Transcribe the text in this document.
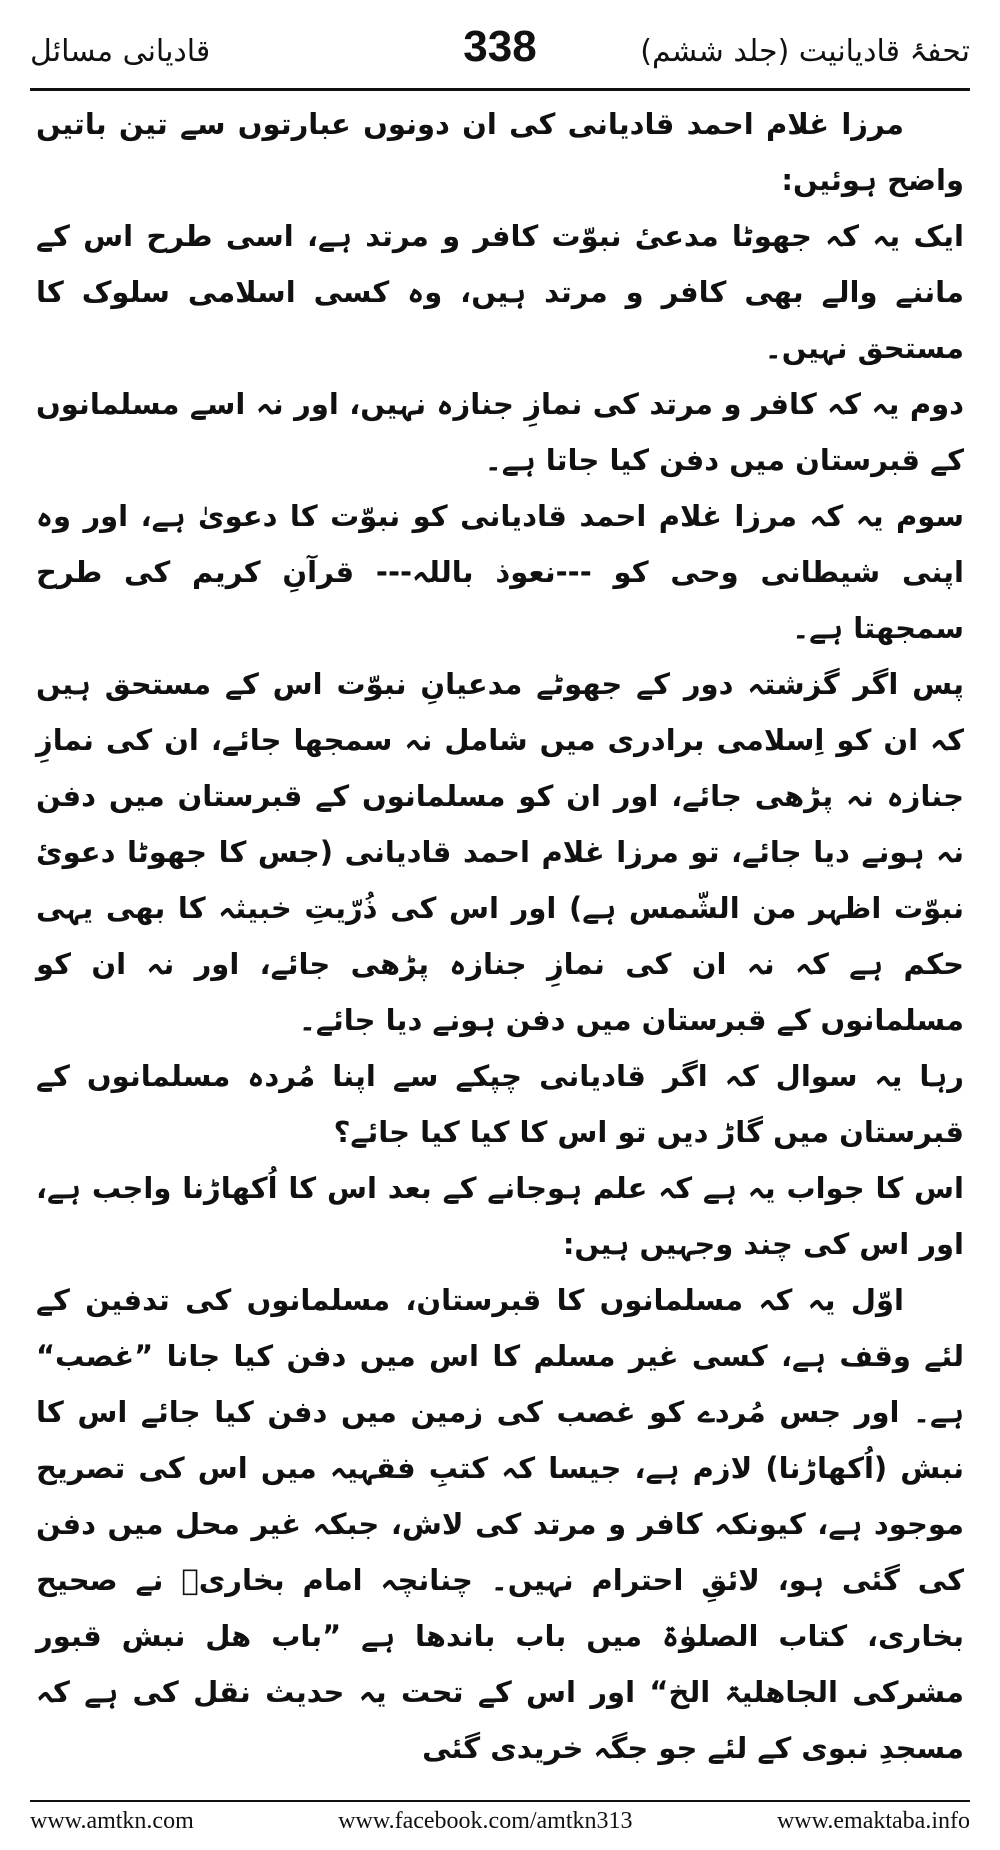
قادیانی مسائل	338	تحفۂ قادیانیت (جلد ششم)

مرزا غلام احمد قادیانی کی ان دونوں عبارتوں سے تین باتیں واضح ہوئیں:

ایک یہ کہ جھوٹا مدعیٔ نبوّت کافر و مرتد ہے، اسی طرح اس کے ماننے والے بھی کافر و مرتد ہیں، وہ کسی اسلامی سلوک کا مستحق نہیں۔

دوم یہ کہ کافر و مرتد کی نمازِ جنازہ نہیں، اور نہ اسے مسلمانوں کے قبرستان میں دفن کیا جاتا ہے۔

سوم یہ کہ مرزا غلام احمد قادیانی کو نبوّت کا دعویٰ ہے، اور وہ اپنی شیطانی وحی کو ---نعوذ باللہ--- قرآنِ کریم کی طرح سمجھتا ہے۔

پس اگر گزشتہ دور کے جھوٹے مدعیانِ نبوّت اس کے مستحق ہیں کہ ان کو اِسلامی برادری میں شامل نہ سمجھا جائے، ان کی نمازِ جنازہ نہ پڑھی جائے، اور ان کو مسلمانوں کے قبرستان میں دفن نہ ہونے دیا جائے، تو مرزا غلام احمد قادیانی (جس کا جھوٹا دعویٔ نبوّت اظہر من الشّمس ہے) اور اس کی ذُرّیتِ خبیثہ کا بھی یہی حکم ہے کہ نہ ان کی نمازِ جنازہ پڑھی جائے، اور نہ ان کو مسلمانوں کے قبرستان میں دفن ہونے دیا جائے۔

رہا یہ سوال کہ اگر قادیانی چپکے سے اپنا مُردہ مسلمانوں کے قبرستان میں گاڑ دیں تو اس کا کیا کیا جائے؟

اس کا جواب یہ ہے کہ علم ہوجانے کے بعد اس کا اُکھاڑنا واجب ہے، اور اس کی چند وجہیں ہیں:

اوّل یہ کہ مسلمانوں کا قبرستان، مسلمانوں کی تدفین کے لئے وقف ہے، کسی غیر مسلم کا اس میں دفن کیا جانا ”غصب“ ہے۔ اور جس مُردے کو غصب کی زمین میں دفن کیا جائے اس کا نبش (اُکھاڑنا) لازم ہے، جیسا کہ کتبِ فقہیہ میں اس کی تصریح موجود ہے، کیونکہ کافر و مرتد کی لاش، جبکہ غیر محل میں دفن کی گئی ہو، لائقِ احترام نہیں۔ چنانچہ امام بخاریؒ نے صحیح بخاری، کتاب الصلوٰۃ میں باب باندھا ہے ”باب ھل نبش قبور مشرکی الجاھلیۃ الخ“ اور اس کے تحت یہ حدیث نقل کی ہے کہ مسجدِ نبوی کے لئے جو جگہ خریدی گئی

www.amtkn.com	www.facebook.com/amtkn313	www.emaktaba.info
